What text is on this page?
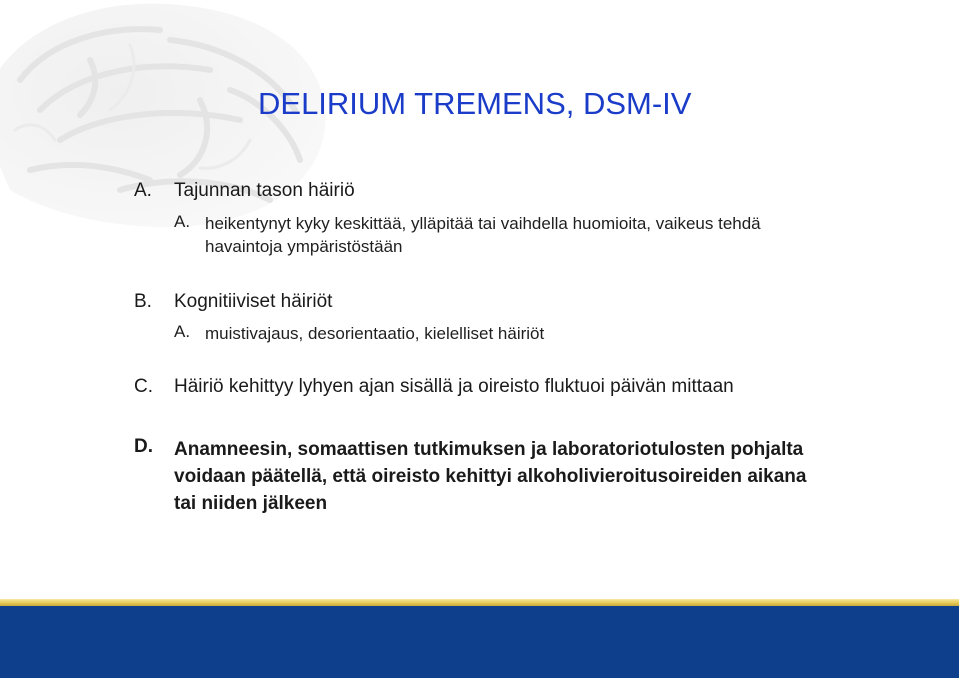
DELIRIUM TREMENS, DSM-IV
A. Tajunnan tason häiriö
A. heikentynyt kyky keskittää, ylläpitää tai vaihdella huomioita, vaikeus tehdä
havaintoja ympäristöstään
B. Kognitiiviset häiriöt
A. muistivajaus, desorientaatio, kielelliset häiriöt
C. Häiriö kehittyy lyhyen ajan sisällä ja oireisto fluktuoi päivän mittaan
D. Anamneesin, somaattisen tutkimuksen ja laboratoriotulosten pohjalta
voidaan päätellä, että oireisto kehittyi alkoholivieroitusoireiden aikana
tai niiden jälkeen
